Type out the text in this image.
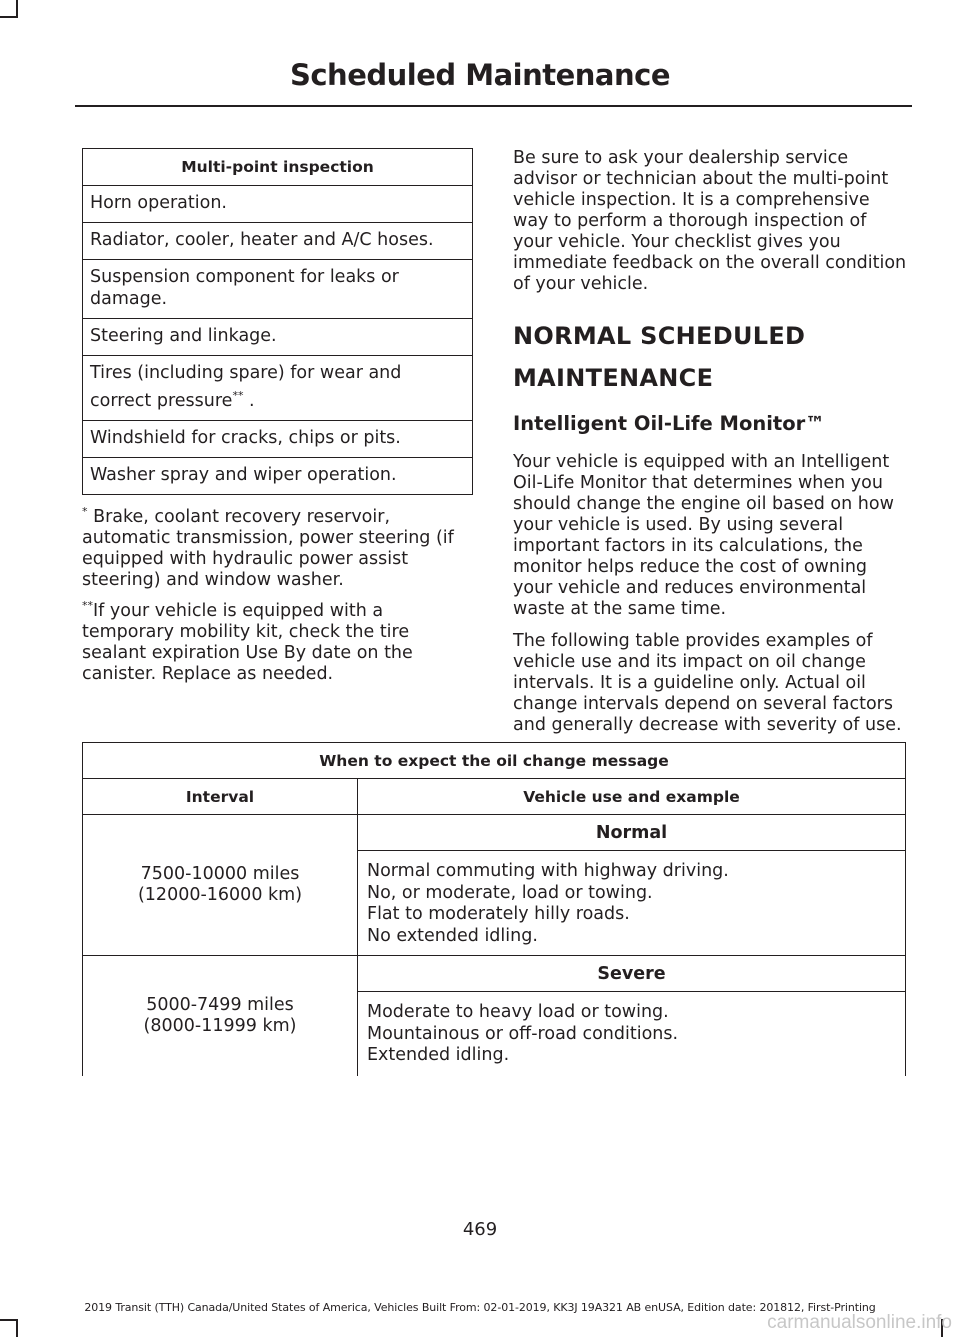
Scheduled Maintenance
Multi-point inspection
Horn operation.
Radiator, cooler, heater and A/C hoses.
Suspension component for leaks or damage.
Steering and linkage.
Tires (including spare) for wear and correct pressure** .
Windshield for cracks, chips or pits.
Washer spray and wiper operation.

* Brake, coolant recovery reservoir, automatic transmission, power steering (if equipped with hydraulic power assist steering) and window washer.

**If your vehicle is equipped with a temporary mobility kit, check the tire sealant expiration Use By date on the canister. Replace as needed.

Be sure to ask your dealership service advisor or technician about the multi-point vehicle inspection. It is a comprehensive way to perform a thorough inspection of your vehicle. Your checklist gives you immediate feedback on the overall condition of your vehicle.

NORMAL SCHEDULED

MAINTENANCE

Intelligent Oil-Life Monitor™

Your vehicle is equipped with an Intelligent Oil-Life Monitor that determines when you should change the engine oil based on how your vehicle is used. By using several important factors in its calculations, the monitor helps reduce the cost of owning your vehicle and reduces environmental waste at the same time.

The following table provides examples of vehicle use and its impact on oil change intervals. It is a guideline only. Actual oil change intervals depend on several factors and generally decrease with severity of use.

When to expect the oil change message	
Interval	Vehicle use and example

7500-10000 miles
(12000-16000 km)	Normal

	Normal commuting with highway driving.
No, or moderate, load or towing.
Flat to moderately hilly roads.
No extended idling.

5000-7499 miles
(8000-11999 km)	Severe

	Moderate to heavy load or towing.
Mountainous or off-road conditions.
Extended idling.
469
2019 Transit (TTH) Canada/United States of America, Vehicles Built From: 02-01-2019, KK3J 19A321 AB enUSA, Edition date: 201812, First-Printing
carmanualsonline.info
